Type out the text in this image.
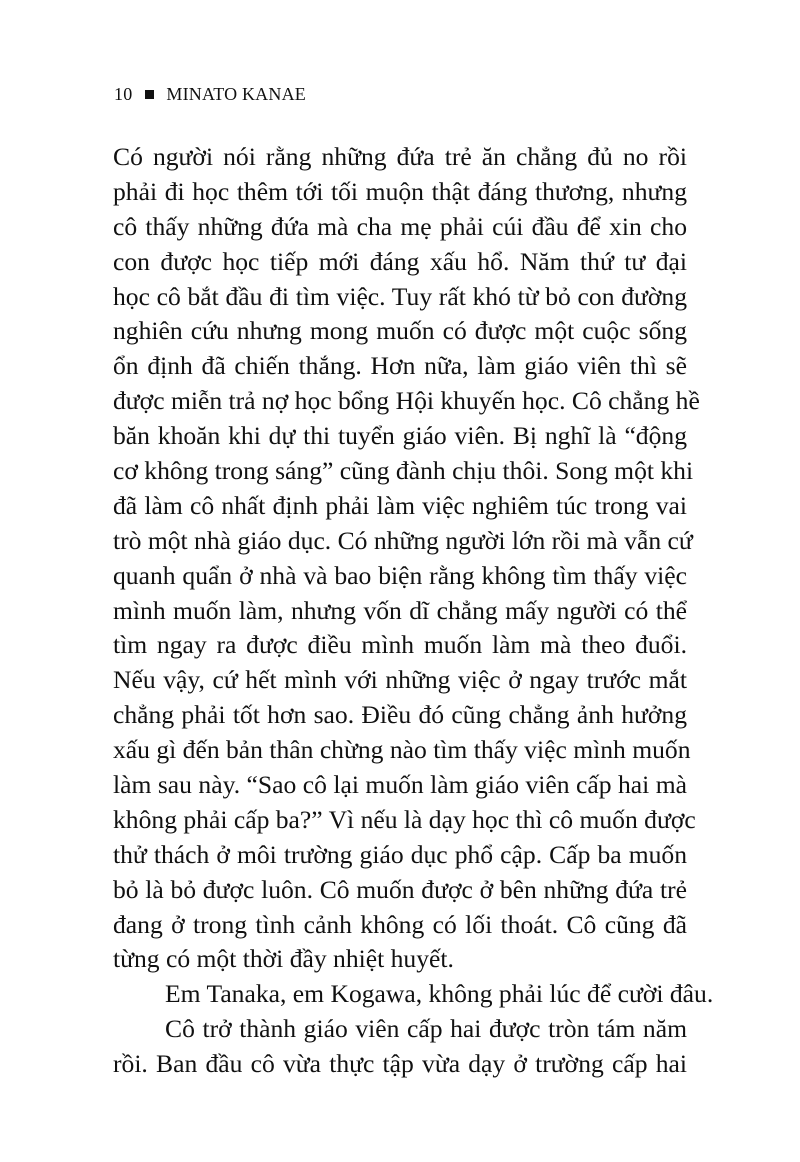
10 MINATO KANAE
Có người nói rằng những đứa trẻ ăn chẳng đủ no rồi
phải đi học thêm tới tối muộn thật đáng thương, nhưng
cô thấy những đứa mà cha mẹ phải cúi đầu để xin cho
con được học tiếp mới đáng xấu hổ. Năm thứ tư đại
học cô bắt đầu đi tìm việc. Tuy rất khó từ bỏ con đường
nghiên cứu nhưng mong muốn có được một cuộc sống
ổn định đã chiến thắng. Hơn nữa, làm giáo viên thì sẽ
được miễn trả nợ học bổng Hội khuyến học. Cô chẳng hề
băn khoăn khi dự thi tuyển giáo viên. Bị nghĩ là “động
cơ không trong sáng” cũng đành chịu thôi. Song một khi
đã làm cô nhất định phải làm việc nghiêm túc trong vai
trò một nhà giáo dục. Có những người lớn rồi mà vẫn cứ
quanh quẩn ở nhà và bao biện rằng không tìm thấy việc
mình muốn làm, nhưng vốn dĩ chẳng mấy người có thể
tìm ngay ra được điều mình muốn làm mà theo đuổi.
Nếu vậy, cứ hết mình với những việc ở ngay trước mắt
chẳng phải tốt hơn sao. Điều đó cũng chẳng ảnh hưởng
xấu gì đến bản thân chừng nào tìm thấy việc mình muốn
làm sau này. “Sao cô lại muốn làm giáo viên cấp hai mà
không phải cấp ba?” Vì nếu là dạy học thì cô muốn được
thử thách ở môi trường giáo dục phổ cập. Cấp ba muốn
bỏ là bỏ được luôn. Cô muốn được ở bên những đứa trẻ
đang ở trong tình cảnh không có lối thoát. Cô cũng đã
từng có một thời đầy nhiệt huyết.
Em Tanaka, em Kogawa, không phải lúc để cười đâu.
Cô trở thành giáo viên cấp hai được tròn tám năm
rồi. Ban đầu cô vừa thực tập vừa dạy ở trường cấp hai
